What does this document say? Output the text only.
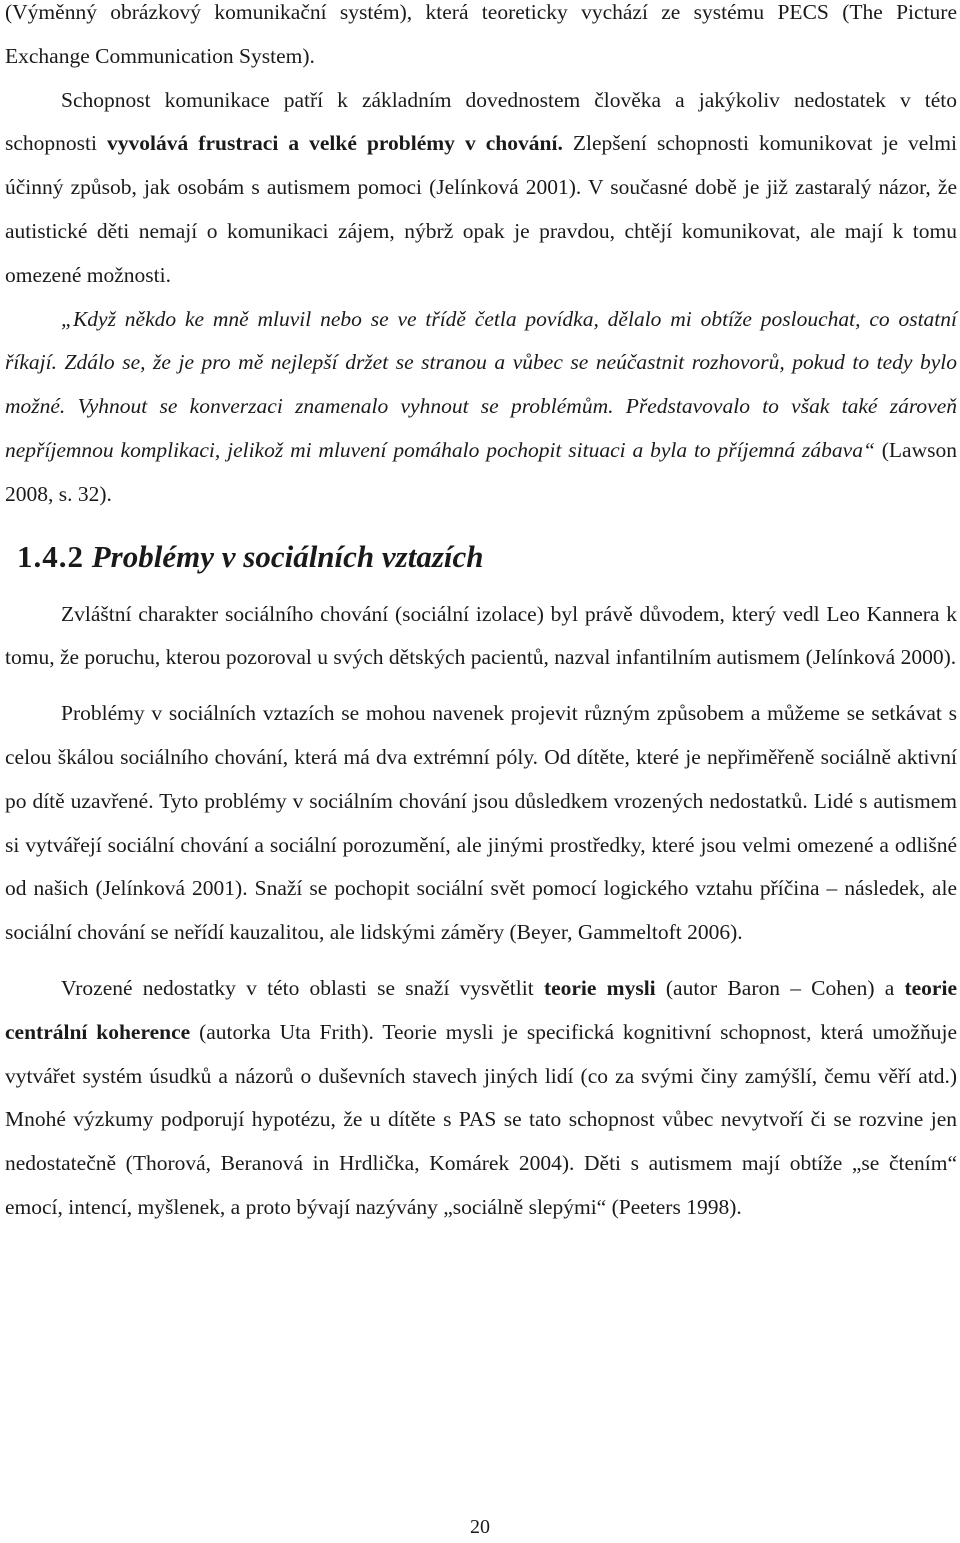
(Výměnný obrázkový komunikační systém), která teoreticky vychází ze systému PECS (The Picture Exchange Communication System).

Schopnost komunikace patří k základním dovednostem člověka a jakýkoliv nedostatek v této schopnosti vyvolává frustraci a velké problémy v chování. Zlepšení schopnosti komunikovat je velmi účinný způsob, jak osobám s autismem pomoci (Jelínková 2001). V současné době je již zastaralý názor, že autistické děti nemají o komunikaci zájem, nýbrž opak je pravdou, chtějí komunikovat, ale mají k tomu omezené možnosti.

„Když někdo ke mně mluvil nebo se ve třídě četla povídka, dělalo mi obtíže poslouchat, co ostatní říkají. Zdálo se, že je pro mě nejlepší držet se stranou a vůbec se neúčastnit rozhovorů, pokud to tedy bylo možné. Vyhnout se konverzaci znamenalo vyhnout se problémům. Představovalo to však také zároveň nepříjemnou komplikaci, jelikož mi mluvení pomáhalo pochopit situaci a byla to příjemná zábava“ (Lawson 2008, s. 32).

1.4.2 Problémy v sociálních vztazích

Zvláštní charakter sociálního chování (sociální izolace) byl právě důvodem, který vedl Leo Kannera k tomu, že poruchu, kterou pozoroval u svých dětských pacientů, nazval infantilním autismem (Jelínková 2000).

Problémy v sociálních vztazích se mohou navenek projevit různým způsobem a můžeme se setkávat s celou škálou sociálního chování, která má dva extrémní póly. Od dítěte, které je nepřiměřeně sociálně aktivní po dítě uzavřené. Tyto problémy v sociálním chování jsou důsledkem vrozených nedostatků. Lidé s autismem si vytvářejí sociální chování a sociální porozumění, ale jinými prostředky, které jsou velmi omezené a odlišné od našich (Jelínková 2001). Snaží se pochopit sociální svět pomocí logického vztahu příčina – následek, ale sociální chování se neřídí kauzalitou, ale lidskými záměry (Beyer, Gammeltoft 2006).

Vrozené nedostatky v této oblasti se snaží vysvětlit teorie mysli (autor Baron – Cohen) a teorie centrální koherence (autorka Uta Frith). Teorie mysli je specifická kognitivní schopnost, která umožňuje vytvářet systém úsudků a názorů o duševních stavech jiných lidí (co za svými činy zamýšlí, čemu věří atd.) Mnohé výzkumy podporují hypotézu, že u dítěte s PAS se tato schopnost vůbec nevytvoří či se rozvine jen nedostatečně (Thorová, Beranová in Hrdlička, Komárek 2004). Děti s autismem mají obtíže „se čtením“ emocí, intencí, myšlenek, a proto bývají nazývány „sociálně slepými“ (Peeters 1998).

20
